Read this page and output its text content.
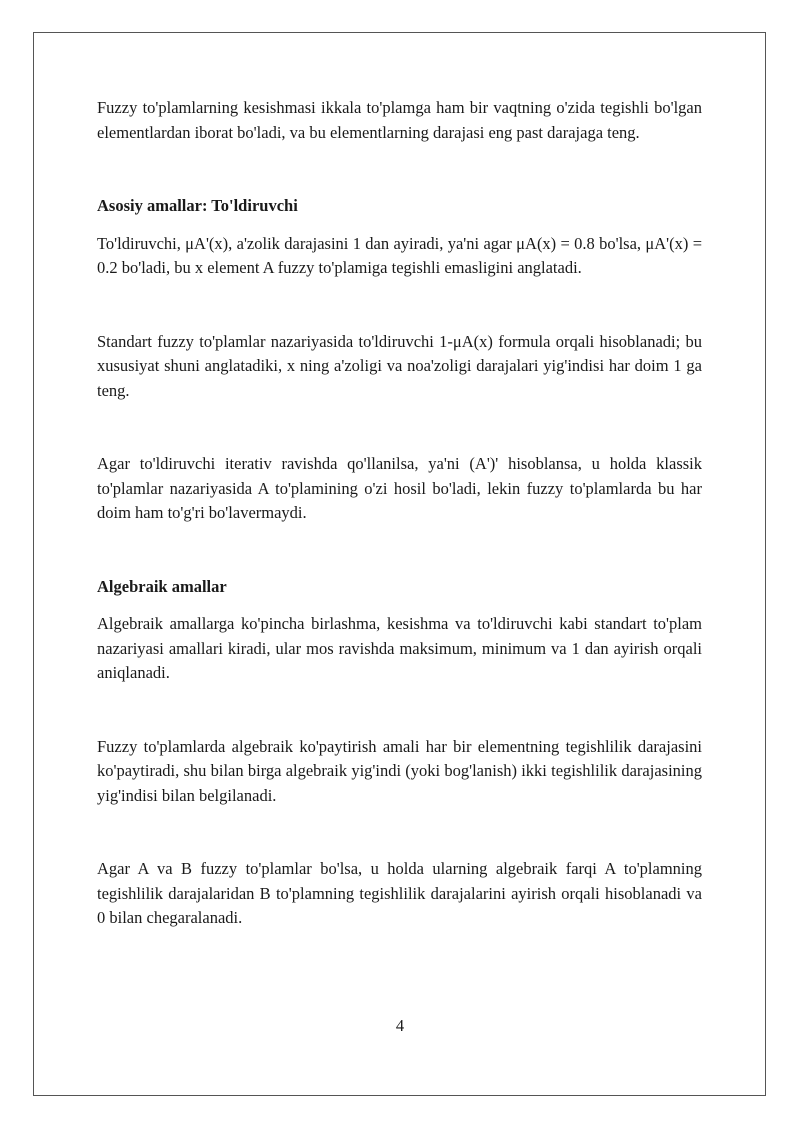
Fuzzy to'plamlarning kesishmasi ikkala to'plamga ham bir vaqtning o'zida tegishli bo'lgan elementlardan iborat bo'ladi, va bu elementlarning darajasi eng past darajaga teng.

Asosiy amallar: To'ldiruvchi

To'ldiruvchi, μA'(x), a'zolik darajasini 1 dan ayiradi, ya'ni agar μA(x) = 0.8 bo'lsa, μA'(x) = 0.2 bo'ladi, bu x element A fuzzy to'plamiga tegishli emasligini anglatadi.

Standart fuzzy to'plamlar nazariyasida to'ldiruvchi 1-μA(x) formula orqali hisoblanadi; bu xususiyat shuni anglatadiki, x ning a'zoligi va noa'zoligi darajalari yig'indisi har doim 1 ga teng.

Agar to'ldiruvchi iterativ ravishda qo'llanilsa, ya'ni (A')' hisoblansa, u holda klassik to'plamlar nazariyasida A to'plamining o'zi hosil bo'ladi, lekin fuzzy to'plamlarda bu har doim ham to'g'ri bo'lavermaydi.

Algebraik amallar

Algebraik amallarga ko'pincha birlashma, kesishma va to'ldiruvchi kabi standart to'plam nazariyasi amallari kiradi, ular mos ravishda maksimum, minimum va 1 dan ayirish orqali aniqlanadi.

Fuzzy to'plamlarda algebraik ko'paytirish amali har bir elementning tegishlilik darajasini ko'paytiradi, shu bilan birga algebraik yig'indi (yoki bog'lanish) ikki tegishlilik darajasining yig'indisi bilan belgilanadi.

Agar A va B fuzzy to'plamlar bo'lsa, u holda ularning algebraik farqi A to'plamning tegishlilik darajalaridan B to'plamning tegishlilik darajalarini ayirish orqali hisoblanadi va 0 bilan chegaralanadi.

4
